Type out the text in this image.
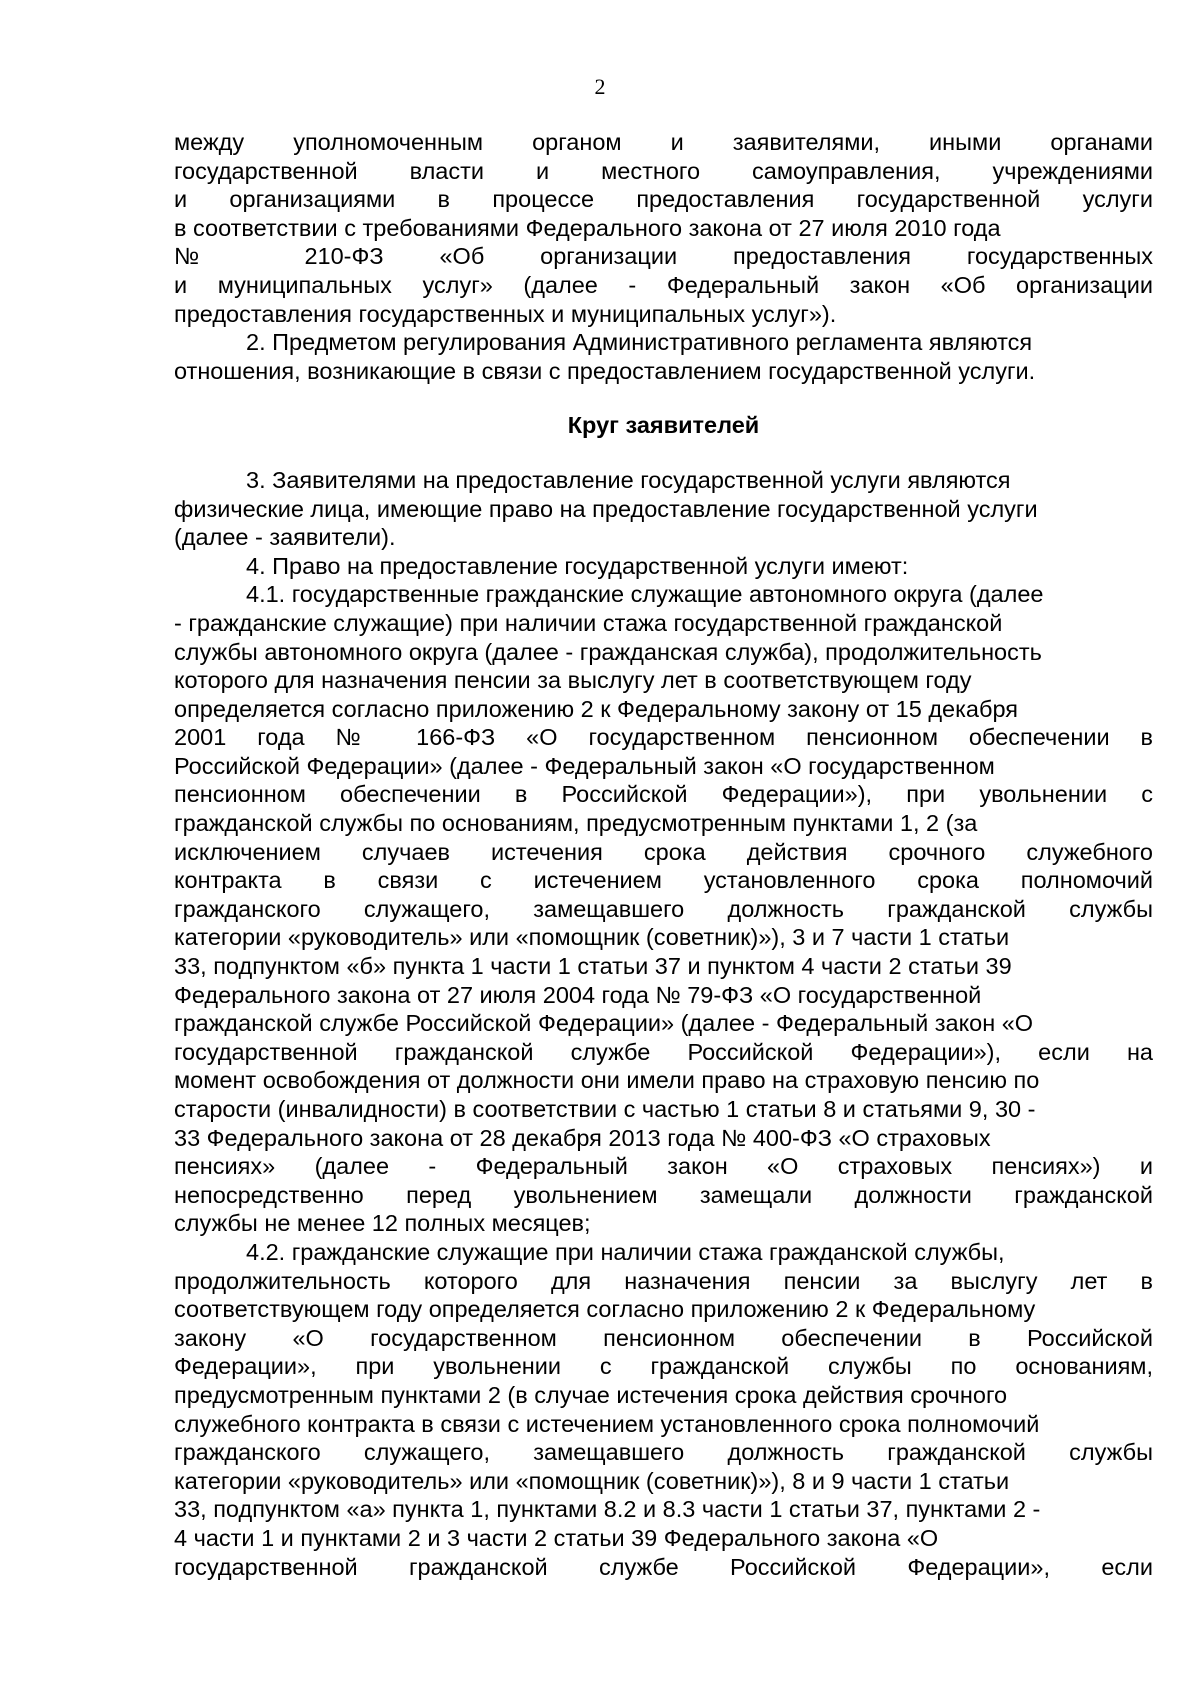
2
между уполномоченным органом и заявителями, иными органами
государственной власти и местного самоуправления, учреждениями
и организациями в процессе предоставления государственной услуги
в соответствии с требованиями Федерального закона от 27 июля 2010 года
№ 210-ФЗ «Об организации предоставления государственных
и муниципальных услуг» (далее - Федеральный закон «Об организации
предоставления государственных и муниципальных услуг»).
2. Предметом регулирования Административного регламента являются
отношения, возникающие в связи с предоставлением государственной услуги.
Круг заявителей
3. Заявителями на предоставление государственной услуги являются
физические лица, имеющие право на предоставление государственной услуги
(далее - заявители).
4. Право на предоставление государственной услуги имеют:
4.1. государственные гражданские служащие автономного округа (далее
- гражданские служащие) при наличии стажа государственной гражданской
службы автономного округа (далее - гражданская служба), продолжительность
которого для назначения пенсии за выслугу лет в соответствующем году
определяется согласно приложению 2 к Федеральному закону от 15 декабря
2001 года № 166-ФЗ «О государственном пенсионном обеспечении в
Российской Федерации» (далее - Федеральный закон «О государственном
пенсионном обеспечении в Российской Федерации»), при увольнении с
гражданской службы по основаниям, предусмотренным пунктами 1, 2 (за
исключением случаев истечения срока действия срочного служебного
контракта в связи с истечением установленного срока полномочий
гражданского служащего, замещавшего должность гражданской службы
категории «руководитель» или «помощник (советник)»), 3 и 7 части 1 статьи
33, подпунктом «б» пункта 1 части 1 статьи 37 и пунктом 4 части 2 статьи 39
Федерального закона от 27 июля 2004 года № 79-ФЗ «О государственной
гражданской службе Российской Федерации» (далее - Федеральный закон «О
государственной гражданской службе Российской Федерации»), если на
момент освобождения от должности они имели право на страховую пенсию по
старости (инвалидности) в соответствии с частью 1 статьи 8 и статьями 9, 30 -
33 Федерального закона от 28 декабря 2013 года № 400-ФЗ «О страховых
пенсиях» (далее - Федеральный закон «О страховых пенсиях») и
непосредственно перед увольнением замещали должности гражданской
службы не менее 12 полных месяцев;
4.2. гражданские служащие при наличии стажа гражданской службы,
продолжительность которого для назначения пенсии за выслугу лет в
соответствующем году определяется согласно приложению 2 к Федеральному
закону «О государственном пенсионном обеспечении в Российской
Федерации», при увольнении с гражданской службы по основаниям,
предусмотренным пунктами 2 (в случае истечения срока действия срочного
служебного контракта в связи с истечением установленного срока полномочий
гражданского служащего, замещавшего должность гражданской службы
категории «руководитель» или «помощник (советник)»), 8 и 9 части 1 статьи
33, подпунктом «а» пункта 1, пунктами 8.2 и 8.3 части 1 статьи 37, пунктами 2 -
4 части 1 и пунктами 2 и 3 части 2 статьи 39 Федерального закона «О
государственной гражданской службе Российской Федерации», если
